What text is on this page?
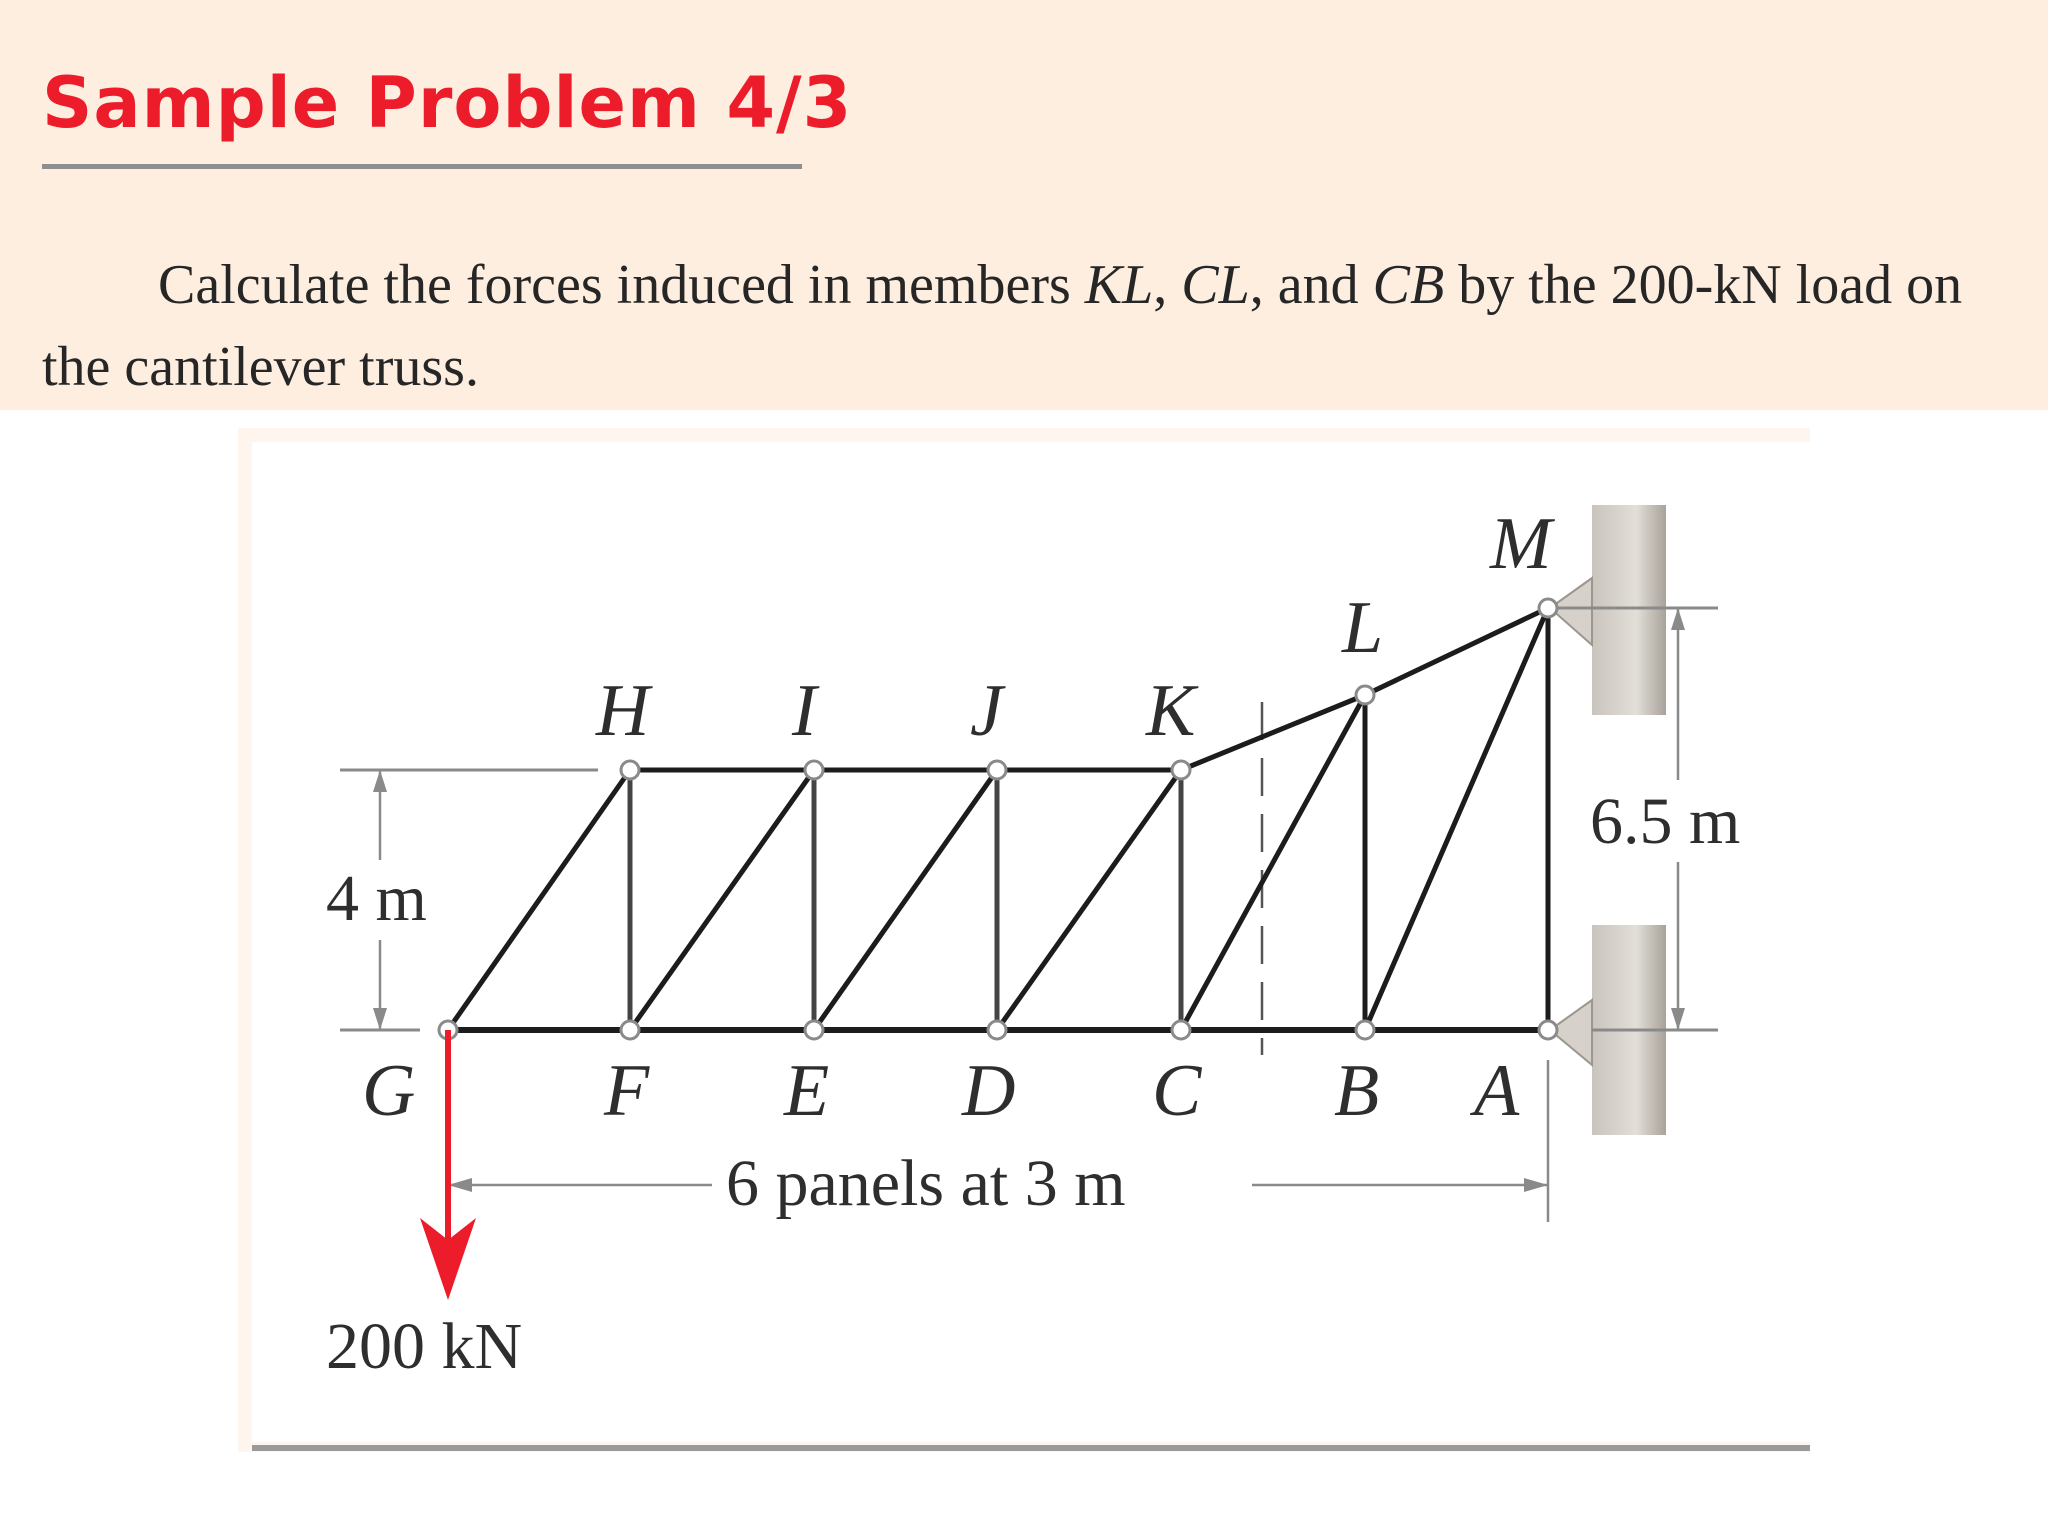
Sample Problem 4/3

Calculate the forces induced in members KL, CL, and CB by the 200-kN load on the cantilever truss.

G	F E D C B A
H I J K
L
M
4 m
6.5 m
6 panels at 3 m
200 kN
